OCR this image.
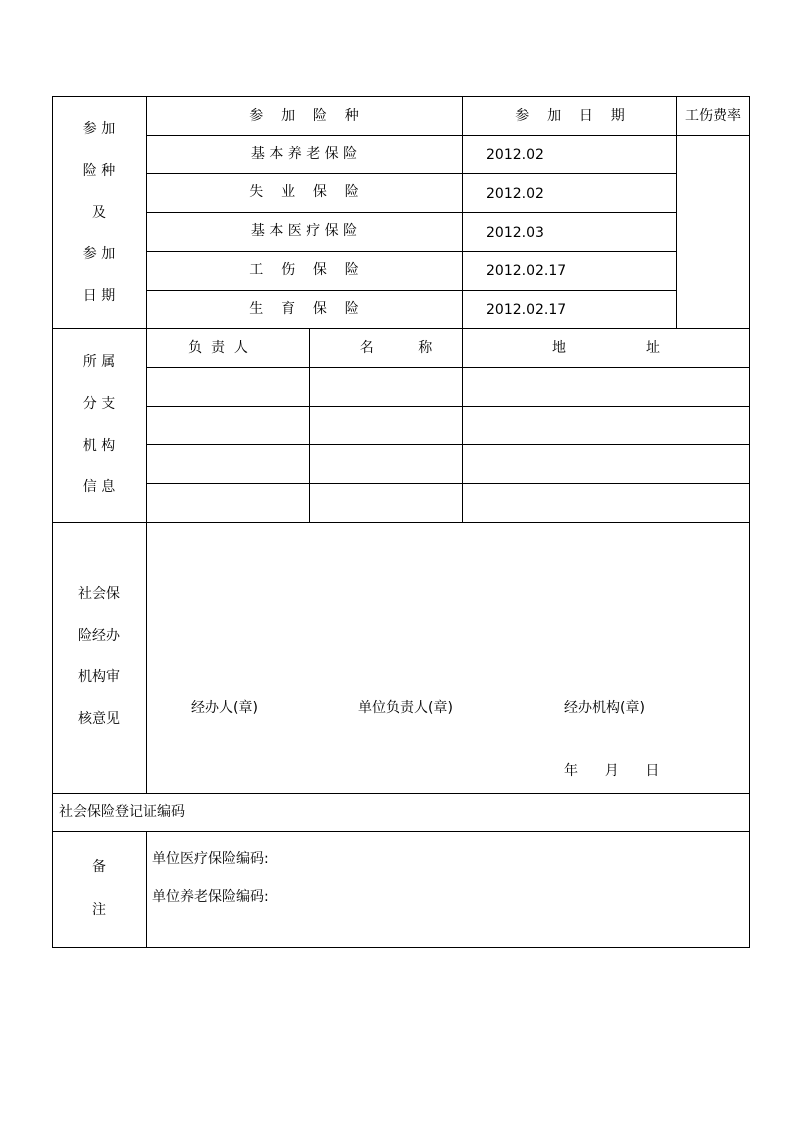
参 加
险 种
及
参 加
日 期
参    加    险    种	参    加    日    期	工伤费率
基 本 养 老 保 险	2012.02
失    业    保    险	2012.02
基 本 医 疗 保 险	2012.03
工    伤    保    险	2012.02.17
生    育    保    险	2012.02.17
所 属
分 支
机 构
信 息
负  责  人	名          称	地                  址
社会保
险经办
机构审
核意见
经办人(章)	单位负责人(章)	经办机构(章)
年      月      日
社会保险登记证编码
备
注
单位医疗保险编码:
单位养老保险编码:
